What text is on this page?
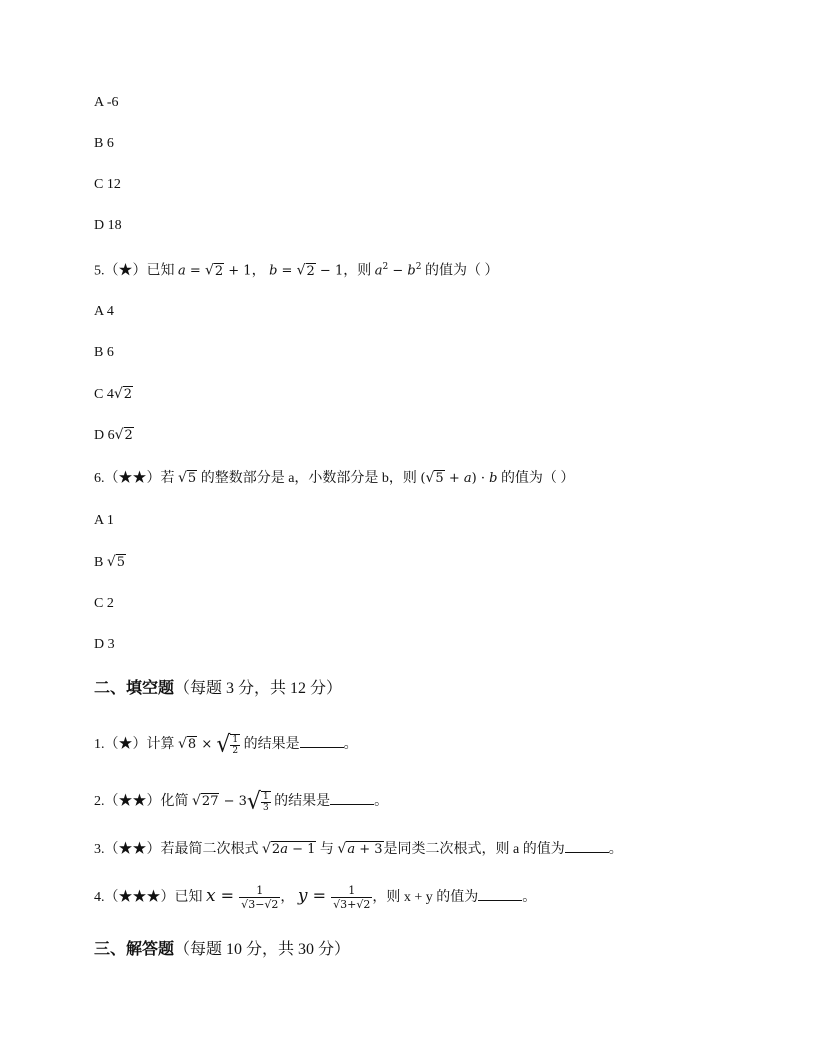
A -6
B 6
C 12
D 18
5.（★）已知 a = √2 + 1， b = √2 − 1，则 $a^2 - b^2$ 的值为（ ）
A 4
B 6
C 4√2
D 6√2
6.（★★）若 √5 的整数部分是 a，小数部分是 b，则 (√5 + a) · b 的值为（ ）
A 1
B √5
C 2
D 3
二、填空题（每题 3 分，共 12 分）
1.（★）计算 √8 × √ $\frac{1}{2}$ 的结果是	。
2.（★★）化简 $√27 - 3√ \frac{1}{3}$ 的结果是	。
3.（★★）若最简二次根式 √2a − 1 与 √a + 3是同类二次根式，则 a 的值为	。
4.（★★★）已知 $x = \frac{1}{√3-√2}$ ， $y = \frac{1}{√3+√2}$ ，则 x + y 的值为	。
三、解答题（每题 10 分，共 30 分）
